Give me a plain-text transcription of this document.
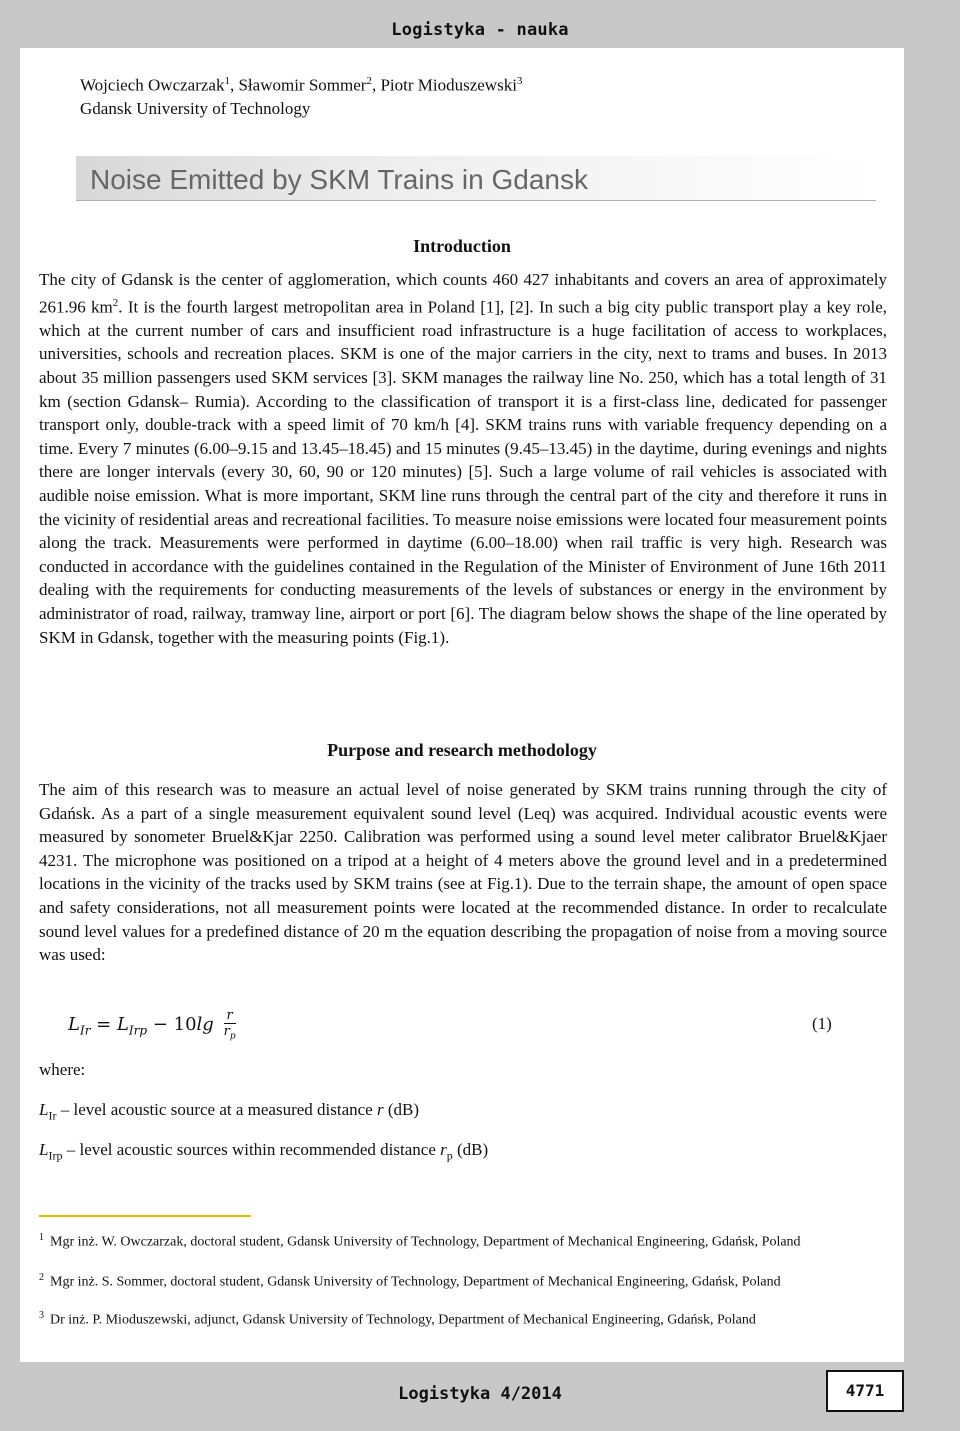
Logistyka - nauka
Wojciech Owczarzak$^1$, Sławomir Sommer$^2$, Piotr Mioduszewski$^3$
Gdansk University of Technology
Noise Emitted by SKM Trains in Gdansk
Introduction
The city of Gdansk is the center of agglomeration, which counts 460 427 inhabitants and covers an area of approximately 261.96 $km^2$. It is the fourth largest metropolitan area in Poland [1], [2]. In such a big city public transport play a key role, which at the current number of cars and insufficient road infrastructure is a huge facilitation of access to workplaces, universities, schools and recreation places. SKM is one of the major carriers in the city, next to trams and buses. In 2013 about 35 million passengers used SKM services [3]. SKM manages the railway line No. 250, which has a total length of 31 km (section Gdansk– Rumia). According to the classification of transport it is a first-class line, dedicated for passenger transport only, double-track with a speed limit of 70 km/h [4]. SKM trains runs with variable frequency depending on a time. Every 7 minutes (6.00–9.15 and 13.45–18.45) and 15 minutes (9.45–13.45) in the daytime, during evenings and nights there are longer intervals (every 30, 60, 90 or 120 minutes) [5]. Such a large volume of rail vehicles is associated with audible noise emission. What is more important, SKM line runs through the central part of the city and therefore it runs in the vicinity of residential areas and recreational facilities. To measure noise emissions were located four measurement points along the track. Measurements were performed in daytime (6.00–18.00) when rail traffic is very high. Research was conducted in accordance with the guidelines contained in the Regulation of the Minister of Environment of June 16th 2011 dealing with the requirements for conducting measurements of the levels of substances or energy in the environment by administrator of road, railway, tramway line, airport or port [6]. The diagram below shows the shape of the line operated by SKM in Gdansk, together with the measuring points (Fig.1).
Purpose and research methodology
The aim of this research was to measure an actual level of noise generated by SKM trains running through the city of Gdańsk. As a part of a single measurement equivalent sound level (Leq) was acquired. Individual acoustic events were measured by sonometer Bruel&Kjar 2250. Calibration was performed using a sound level meter calibrator Bruel&Kjaer 4231. The microphone was positioned on a tripod at a height of 4 meters above the ground level and in a predetermined locations in the vicinity of the tracks used by SKM trains (see at Fig.1). Due to the terrain shape, the amount of open space and safety considerations, not all measurement points were located at the recommended distance. In order to recalculate sound level values for a predefined distance of 20 m the equation describing the propagation of noise from a moving source was used:
$L_{Ir} = L_{Irp} - 10\lg \frac{r}{r_p}$	(1)
where:
$L_{Ir}$ – level acoustic source at a measured distance r (dB)
$L_{Irp}$ – level acoustic sources within recommended distance $r_p$ (dB)
$^1$ Mgr inż. W. Owczarzak, doctoral student, Gdansk University of Technology, Department of Mechanical Engineering, Gdańsk, Poland
$^2$ Mgr inż. S. Sommer, doctoral student, Gdansk University of Technology, Department of Mechanical Engineering, Gdańsk, Poland
$^3$ Dr inż. P. Mioduszewski, adjunct, Gdansk University of Technology, Department of Mechanical Engineering, Gdańsk, Poland
Logistyka 4/2014	4771
